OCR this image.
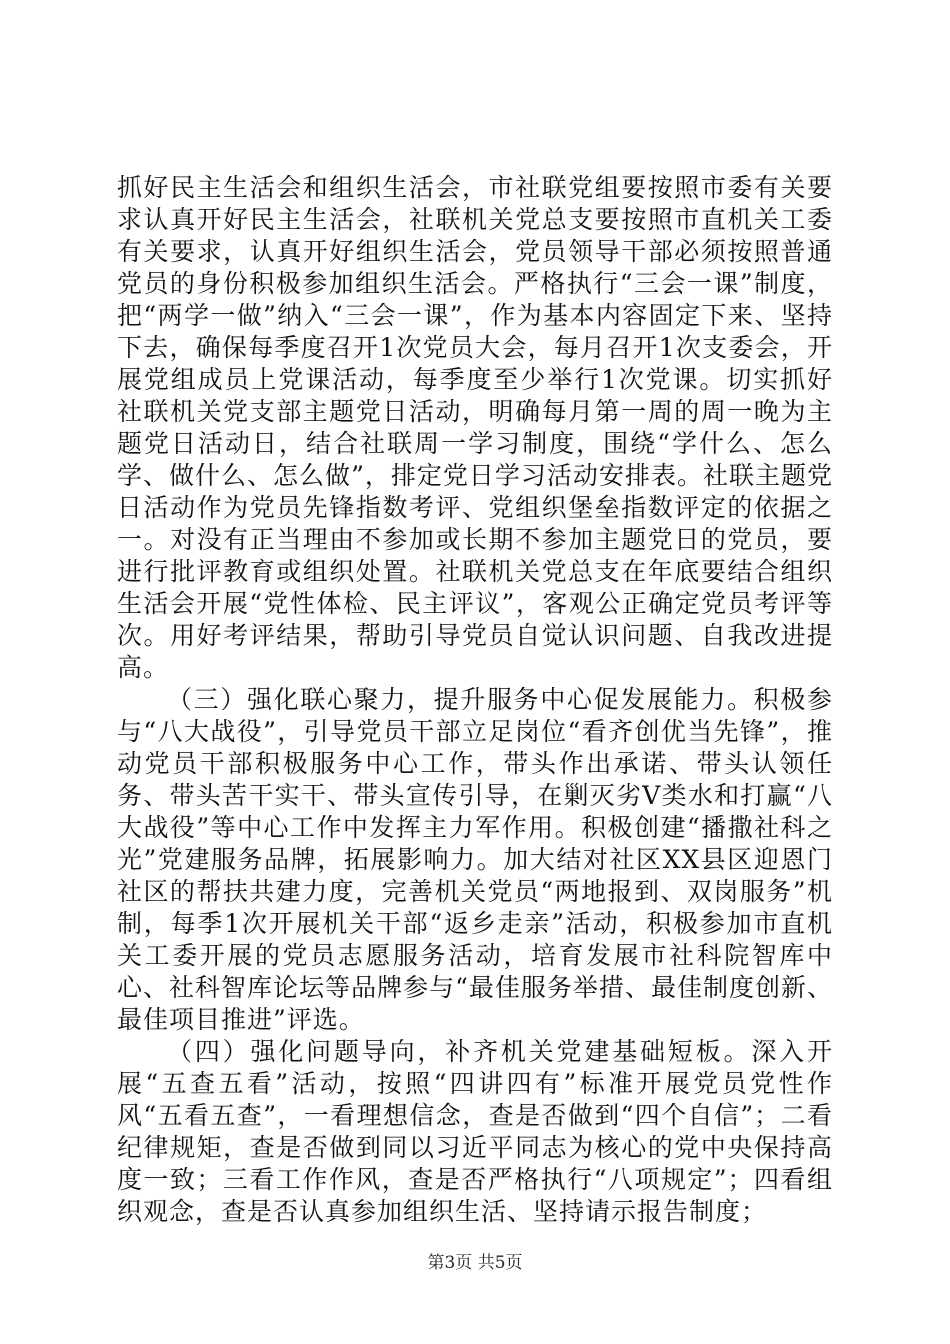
抓好民主生活会和组织生活会，市社联党组要按照市委有关要求认真开好民主生活会，社联机关党总支要按照市直机关工委有关要求，认真开好组织生活会，党员领导干部必须按照普通党员的身份积极参加组织生活会。严格执行“三会一课”制度，把“两学一做”纳入“三会一课”，作为基本内容固定下来、坚持下去，确保每季度召开1次党员大会，每月召开1次支委会，开展党组成员上党课活动，每季度至少举行1次党课。切实抓好社联机关党支部主题党日活动，明确每月第一周的周一晚为主题党日活动日，结合社联周一学习制度，围绕“学什么、怎么学、做什么、怎么做”，排定党日学习活动安排表。社联主题党日活动作为党员先锋指数考评、党组织堡垒指数评定的依据之一。对没有正当理由不参加或长期不参加主题党日的党员，要进行批评教育或组织处置。社联机关党总支在年底要结合组织生活会开展“党性体检、民主评议”，客观公正确定党员考评等次。用好考评结果，帮助引导党员自觉认识问题、自我改进提高。

（三）强化联心聚力，提升服务中心促发展能力。积极参与“八大战役”，引导党员干部立足岗位“看齐创优当先锋”，推动党员干部积极服务中心工作，带头作出承诺、带头认领任务、带头苦干实干、带头宣传引导，在剿灭劣Ⅴ类水和打赢“八大战役”等中心工作中发挥主力军作用。积极创建“播撒社科之光”党建服务品牌，拓展影响力。加大结对社区XX县区迎恩门社区的帮扶共建力度，完善机关党员“两地报到、双岗服务”机制，每季1次开展机关干部“返乡走亲”活动，积极参加市直机关工委开展的党员志愿服务活动，培育发展市社科院智库中心、社科智库论坛等品牌参与“最佳服务举措、最佳制度创新、最佳项目推进”评选。

（四）强化问题导向，补齐机关党建基础短板。深入开展“五查五看”活动，按照“四讲四有”标准开展党员党性作风“五看五查”，一看理想信念，查是否做到“四个自信”；二看纪律规矩，查是否做到同以习近平同志为核心的党中央保持高度一致；三看工作作风，查是否严格执行“八项规定”；四看组织观念，查是否认真参加组织生活、坚持请示报告制度；

第3页 共5页
